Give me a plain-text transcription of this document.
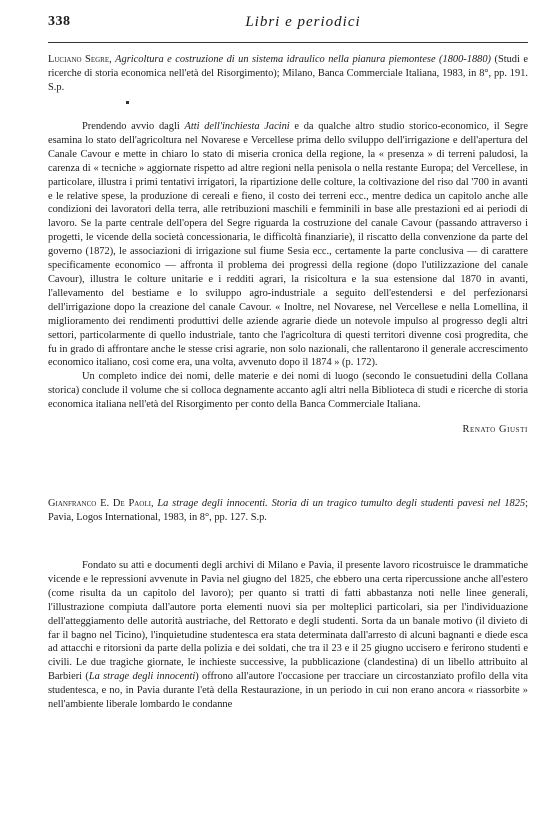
338	Libri e periodici

Luciano Segre, Agricoltura e costruzione di un sistema idraulico nella pianura piemontese (1800-1880) (Studi e ricerche di storia economica nell'età del Risorgimento); Milano, Banca Commerciale Italiana, 1983, in 8°, pp. 191. S.p.

Prendendo avvio dagli Atti dell'inchiesta Jacini e da qualche altro studio storico-economico, il Segre esamina lo stato dell'agricoltura nel Novarese e Vercellese prima dello sviluppo dell'irrigazione e dell'apertura del Canale Cavour e mette in chiaro lo stato di miseria cronica della regione, la « presenza » di terreni paludosi, la carenza di « tecniche » aggiornate rispetto ad altre regioni nella penisola o nella restante Europa; del Vercellese, in particolare, illustra i primi tentativi irrigatori, la ripartizione delle colture, la coltivazione del riso dal '700 in avanti e le relative spese, la produzione di cereali e fieno, il costo dei terreni ecc., mentre dedica un capitolo anche alle condizioni dei lavoratori della terra, alle retribuzioni maschili e femminili in base alle prestazioni ed ai periodi di lavoro. Se la parte centrale dell'opera del Segre riguarda la costruzione del canale Cavour (passando attraverso i progetti, le vicende della società concessionaria, le difficoltà finanziarie), il riscatto della convenzione da parte del governo (1872), le associazioni di irrigazione sul fiume Sesia ecc., certamente la parte conclusiva — di carattere specificamente economico — affronta il problema dei progressi della regione (dopo l'utilizzazione del canale Cavour), illustra le colture unitarie e i redditi agrari, la risicoltura e la sua estensione dal 1870 in avanti, l'allevamento del bestiame e lo sviluppo agro-industriale a seguito dell'estendersi e del perfezionarsi dell'irrigazione dopo la creazione del canale Cavour. « Inoltre, nel Novarese, nel Vercellese e nella Lomellina, il miglioramento dei rendimenti produttivi delle aziende agrarie diede un notevole impulso al progresso degli altri settori, particolarmente di quello industriale, tanto che l'agricoltura di questi territori divenne così progredita, che fu in grado di affrontare anche le stesse crisi agrarie, non solo nazionali, che rallentarono il generale accrescimento economico italiano, così come era, una volta, avvenuto dopo il 1874 » (p. 172).

Un completo indice dei nomi, delle materie e dei nomi di luogo (secondo le consuetudini della Collana storica) conclude il volume che si colloca degnamente accanto agli altri nella Biblioteca di studi e ricerche di storia economica italiana nell'età del Risorgimento per conto della Banca Commerciale Italiana.

Renato Giusti

Gianfranco E. De Paoli, La strage degli innocenti. Storia di un tragico tumulto degli studenti pavesi nel 1825; Pavia, Logos International, 1983, in 8°, pp. 127. S.p.

Fondato su atti e documenti degli archivi di Milano e Pavia, il presente lavoro ricostruisce le drammatiche vicende e le repressioni avvenute in Pavia nel giugno del 1825, che ebbero una certa ripercussione anche all'estero (come risulta da un capitolo del lavoro); per quanto si tratti di fatti abbastanza noti nelle linee generali, l'illustrazione compiuta dall'autore porta elementi nuovi sia per molteplici particolari, sia per l'individuazione dell'atteggiamento delle autorità austriache, del Rettorato e degli studenti. Sorta da un banale motivo (il divieto di far il bagno nel Ticino), l'inquietudine studentesca era stata determinata dall'arresto di alcuni bagnanti e diede esca ad attacchi e ritorsioni da parte della polizia e dei soldati, che tra il 23 e il 25 giugno uccisero e ferirono studenti e civili. Le due tragiche giornate, le inchieste successive, la pubblicazione (clandestina) di un libello attribuito al Barbieri (La strage degli innocenti) offrono all'autore l'occasione per tracciare un circostanziato profilo della vita studentesca, e no, in Pavia durante l'età della Restaurazione, in un periodo in cui non erano ancora « riassorbite » nell'ambiente liberale lombardo le condanne
